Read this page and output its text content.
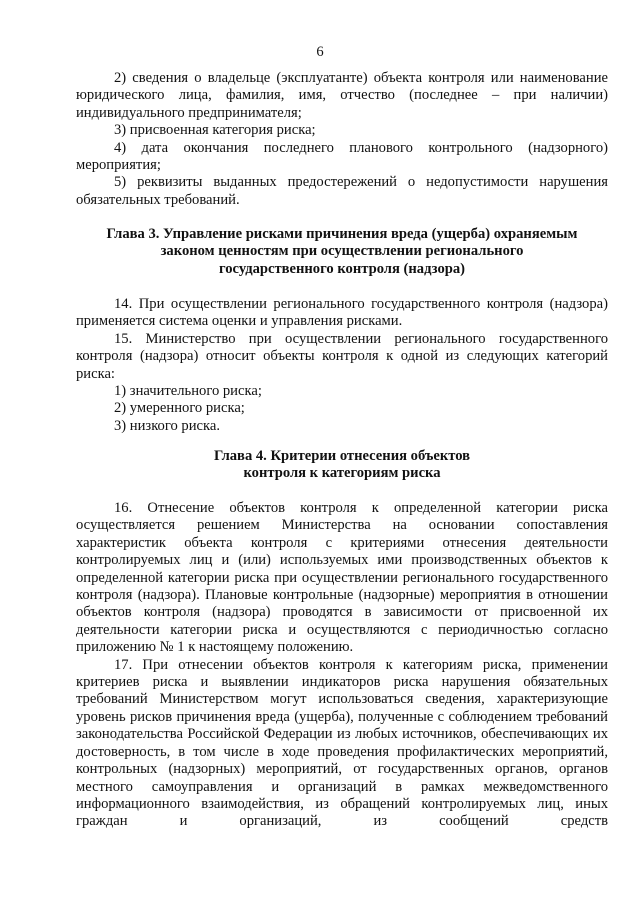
6

2) сведения о владельце (эксплуатанте) объекта контроля или наименование юридического лица, фамилия, имя, отчество (последнее – при наличии) индивидуального предпринимателя;

3) присвоенная категория риска;

4) дата окончания последнего планового контрольного (надзорного) мероприятия;

5) реквизиты выданных предостережений о недопустимости нарушения обязательных требований.

Глава 3. Управление рисками причинения вреда (ущерба) охраняемым
законом ценностям при осуществлении регионального
государственного контроля (надзора)

14. При осуществлении регионального государственного контроля (надзора) применяется система оценки и управления рисками.

15. Министерство при осуществлении регионального государственного контроля (надзора) относит объекты контроля к одной из следующих категорий риска:

1) значительного риска;

2) умеренного риска;

3) низкого риска.

Глава 4. Критерии отнесения объектов
контроля к категориям риска

16. Отнесение объектов контроля к определенной категории риска осуществляется решением Министерства на основании сопоставления характеристик объекта контроля с критериями отнесения деятельности контролируемых лиц и (или) используемых ими производственных объектов к определенной категории риска при осуществлении регионального государственного контроля (надзора). Плановые контрольные (надзорные) мероприятия в отношении объектов контроля (надзора) проводятся в зависимости от присвоенной их деятельности категории риска и осуществляются с периодичностью согласно приложению № 1 к настоящему положению.

17. При отнесении объектов контроля к категориям риска, применении критериев риска и выявлении индикаторов риска нарушения обязательных требований Министерством могут использоваться сведения, характеризующие уровень рисков причинения вреда (ущерба), полученные с соблюдением требований законодательства Российской Федерации из любых источников, обеспечивающих их достоверность, в том числе в ходе проведения профилактических мероприятий, контрольных (надзорных) мероприятий, от государственных органов, органов местного самоуправления и организаций в рамках межведомственного информационного взаимодействия, из обращений контролируемых лиц, иных граждан и организаций, из сообщений средств
